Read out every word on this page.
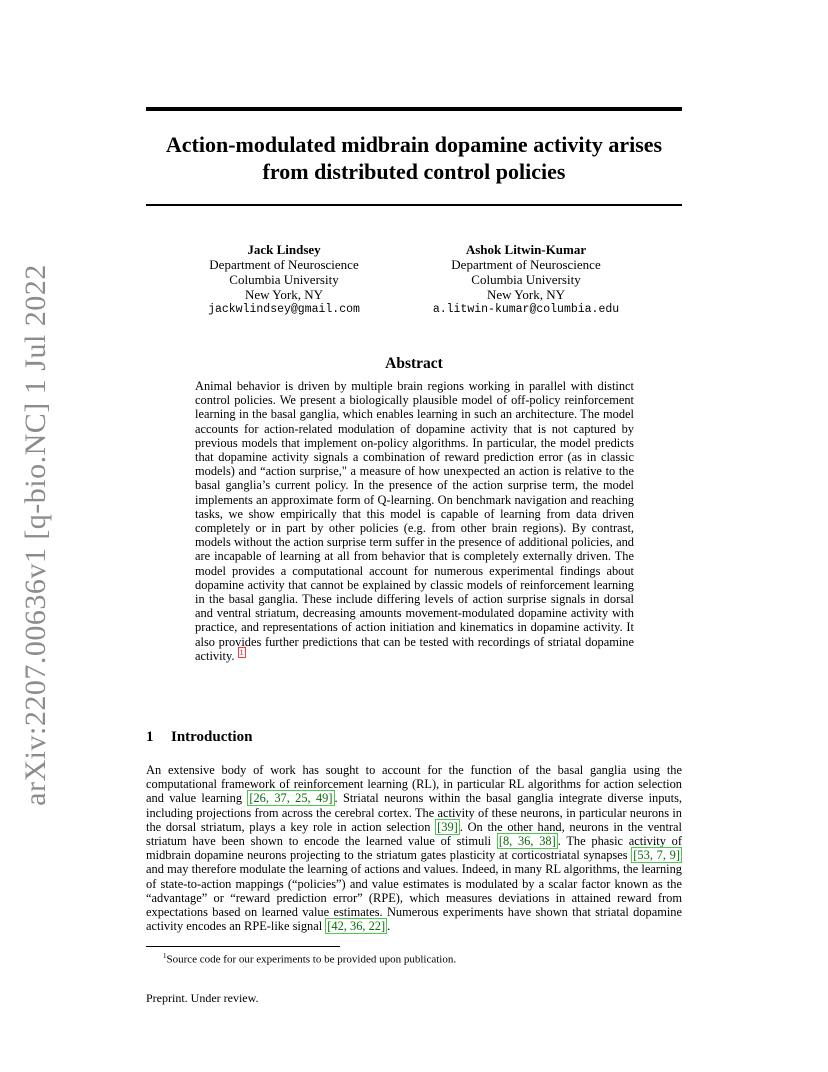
arXiv:2207.00636v1 [q-bio.NC] 1 Jul 2022
Action-modulated midbrain dopamine activity arises from distributed control policies
Jack Lindsey
Department of Neuroscience
Columbia University
New York, NY
jackwlindsey@gmail.com
Ashok Litwin-Kumar
Department of Neuroscience
Columbia University
New York, NY
a.litwin-kumar@columbia.edu
Abstract

Animal behavior is driven by multiple brain regions working in parallel with distinct control policies. We present a biologically plausible model of off-policy reinforcement learning in the basal ganglia, which enables learning in such an architecture. The model accounts for action-related modulation of dopamine activity that is not captured by previous models that implement on-policy algorithms. In particular, the model predicts that dopamine activity signals a combination of reward prediction error (as in classic models) and “action surprise," a measure of how unexpected an action is relative to the basal ganglia’s current policy. In the presence of the action surprise term, the model implements an approximate form of Q-learning. On benchmark navigation and reaching tasks, we show empirically that this model is capable of learning from data driven completely or in part by other policies (e.g. from other brain regions). By contrast, models without the action surprise term suffer in the presence of additional policies, and are incapable of learning at all from behavior that is completely externally driven. The model provides a computational account for numerous experimental findings about dopamine activity that cannot be explained by classic models of reinforcement learning in the basal ganglia. These include differing levels of action surprise signals in dorsal and ventral striatum, decreasing amounts movement-modulated dopamine activity with practice, and representations of action initiation and kinematics in dopamine activity. It also provides further predictions that can be tested with recordings of striatal dopamine activity. $^1$

1 Introduction

An extensive body of work has sought to account for the function of the basal ganglia using the computational framework of reinforcement learning (RL), in particular RL algorithms for action selection and value learning [26, 37, 25, 49] . Striatal neurons within the basal ganglia integrate diverse inputs, including projections from across the cerebral cortex. The activity of these neurons, in particular neurons in the dorsal striatum, plays a key role in action selection [39] . On the other hand, neurons in the ventral striatum have been shown to encode the learned value of stimuli [8, 36, 38] . The phasic activity of midbrain dopamine neurons projecting to the striatum gates plasticity at corticostriatal synapses [53, 7, 9] and may therefore modulate the learning of actions and values. Indeed, in many RL algorithms, the learning of state-to-action mappings (“policies”) and value estimates is modulated by a scalar factor known as the “advantage” or “reward prediction error” (RPE), which measures deviations in attained reward from expectations based on learned value estimates. Numerous experiments have shown that striatal dopamine activity encodes an RPE-like signal [42, 36, 22] .

$^1$Source code for our experiments to be provided upon publication.

Preprint. Under review.
